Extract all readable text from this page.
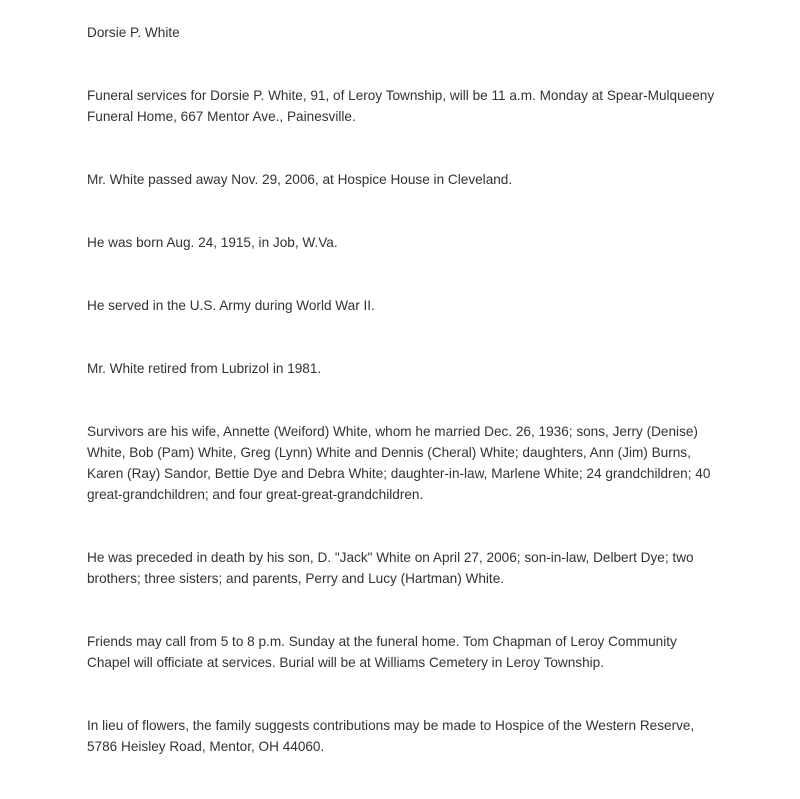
Dorsie P. White

Funeral services for Dorsie P. White, 91, of Leroy Township, will be 11 a.m. Monday at Spear-Mulqueeny Funeral Home, 667 Mentor Ave., Painesville.

Mr. White passed away Nov. 29, 2006, at Hospice House in Cleveland.

He was born Aug. 24, 1915, in Job, W.Va.

He served in the U.S. Army during World War II.

Mr. White retired from Lubrizol in 1981.

Survivors are his wife, Annette (Weiford) White, whom he married Dec. 26, 1936; sons, Jerry (Denise) White, Bob (Pam) White, Greg (Lynn) White and Dennis (Cheral) White; daughters, Ann (Jim) Burns, Karen (Ray) Sandor, Bettie Dye and Debra White; daughter-in-law, Marlene White; 24 grandchildren; 40 great-grandchildren; and four great-great-grandchildren.

He was preceded in death by his son, D. "Jack" White on April 27, 2006; son-in-law, Delbert Dye; two brothers; three sisters; and parents, Perry and Lucy (Hartman) White.

Friends may call from 5 to 8 p.m. Sunday at the funeral home. Tom Chapman of Leroy Community Chapel will officiate at services. Burial will be at Williams Cemetery in Leroy Township.

In lieu of flowers, the family suggests contributions may be made to Hospice of the Western Reserve, 5786 Heisley Road, Mentor, OH 44060.
